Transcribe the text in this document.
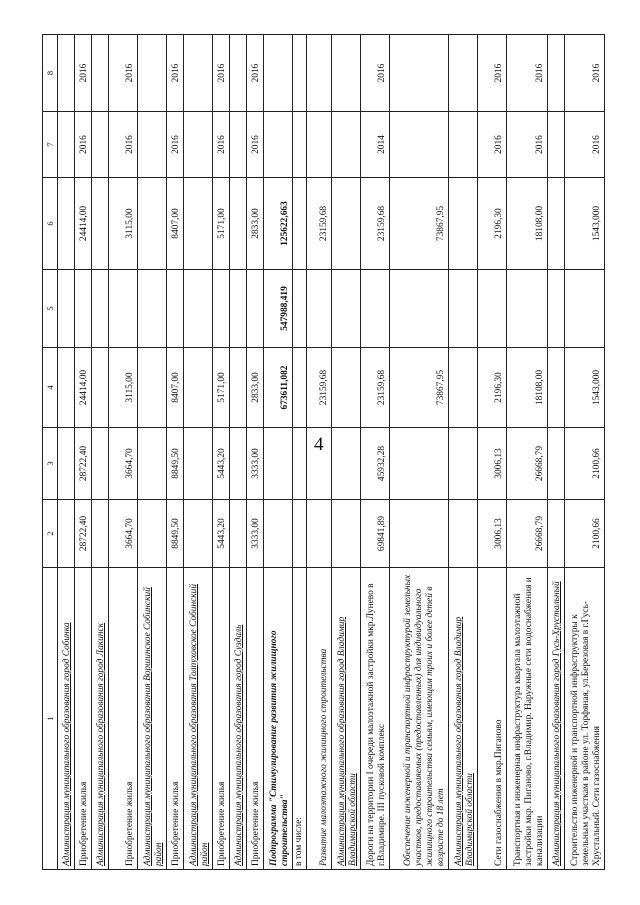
4
1	2	3	4	5	6	7	8
Администрация муниципального образования город Собинка							
Приобретение жилья	28722,40	28722,40	24414,00		24414,00	2016	2016
Администрация муниципального образования город Лакинск							
Приобретение жилья	3664,70	3664,70	3115,00		3115,00	2016	2016
Администрация муниципального образования Воршинское Собинский район							
Приобретение жилья	8849,50	8849,50	8407,00		8407,00	2016	2016
Администрация муниципального образования Толпуховское Собинский район							
Приобретение жилья	5443,20	5443,20	5171,00		5171,00	2016	2016
Администрация муниципального образования город Суздаль							
Приобретение жилья	3333,00	3333,00	2833,00		2833,00	2016	2016
Подпрограмма "Стимулирование развития жилищного строительства"			673611,082	547988,419	125622,663		
в том числе:							
Развитие малоэтажного жилищного строительства			23159,68		23159,68		
Администрация муниципального образования город Владимир Владимирской области							
Дороги на территории I очереди малоэтажной застройки мкр.Лунево в г.Владимире. III пусковой комплекс	69841,89	45932,28	23159,68		23159,68	2014	2016
Обеспечение инженерной и транспортной инфраструктурой земельных участков, предоставляемых (предоставленных) для индивидуального жилищного строительства семьям, имеющим троих и более детей в возрасте до 18 лет			73867,95		73867,95		
Администрация муниципального образования город Владимир Владимирской области							
Сети газоснабжения в мкр.Пиганово	3006,13	3006,13	2196,30		2196,30	2016	2016
Транспортная и инженерная инфраструктура квартала малоэтажной застройки мкр. Пиганово, г.Владимир. Наружные сети водоснабжения и канализации	26668,79	26668,79	18108,00		18108,00	2016	2016
Администрация муниципального образования город Гусь-Хрустальный							
Строительство инженерной и транспортной инфраструктуры к земельным участкам в районе ул. Торфяная, ул.Березовая в г.Гусь-Хрустальный. Сети газоснабжения	2100,66	2100,66	1543,000		1543,000	2016	2016
